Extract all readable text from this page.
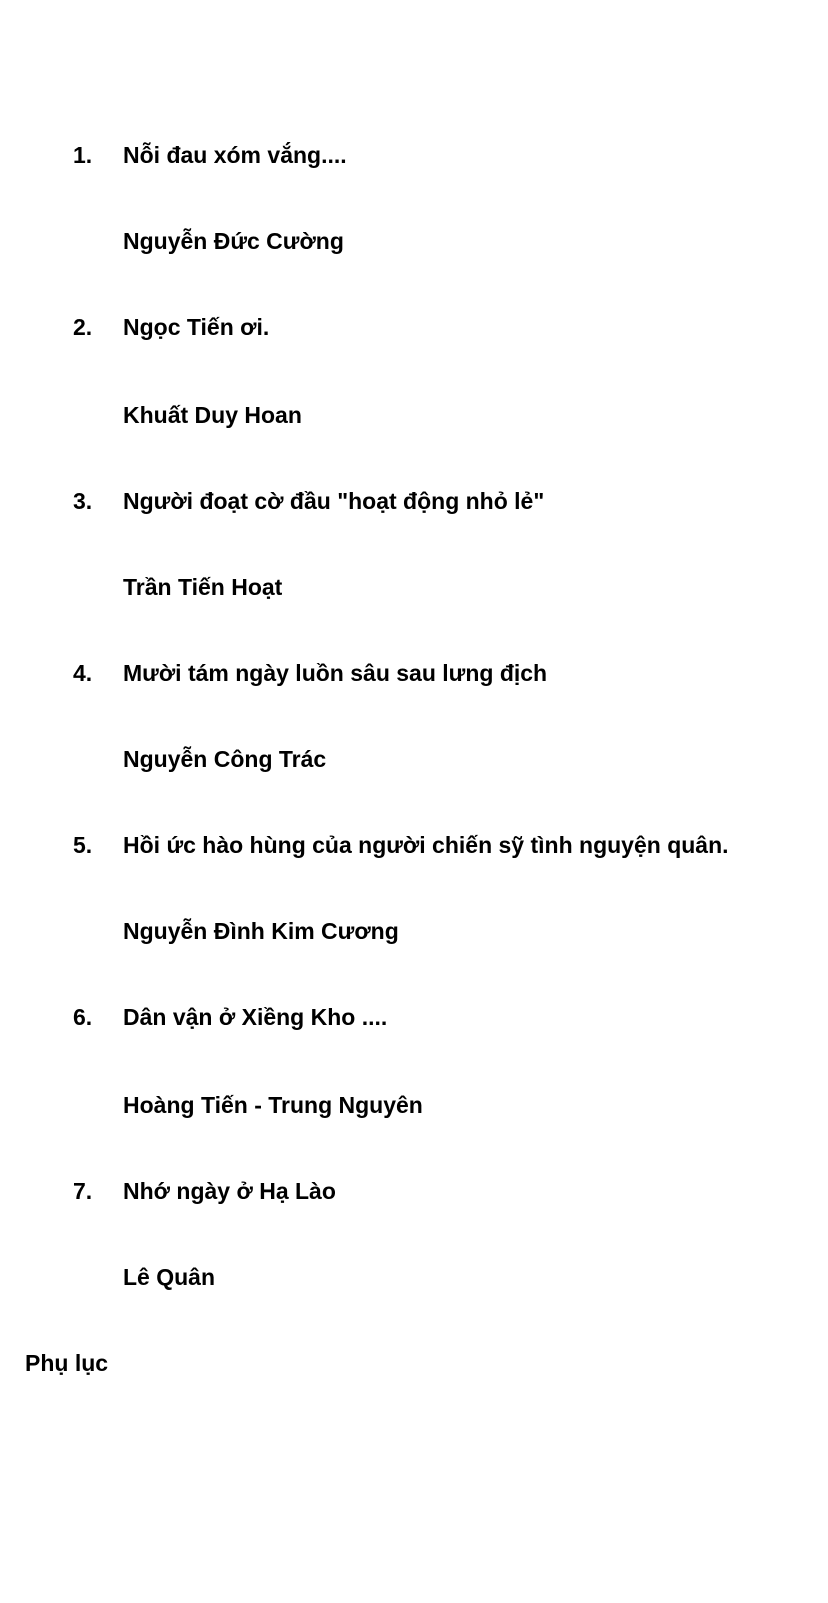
1. Nỗi đau xóm vắng....
Nguyễn Đức Cường
2. Ngọc Tiến ơi.
Khuất Duy Hoan
3. Người đoạt cờ đầu "hoạt động nhỏ lẻ"
Trần Tiến Hoạt
4. Mười tám ngày luồn sâu sau lưng địch
Nguyễn Công Trác
5. Hồi ức hào hùng của người chiến sỹ tình nguyện quân.
Nguyễn Đình Kim Cương
6. Dân vận ở Xiềng Kho ....
Hoàng Tiến - Trung Nguyên
7. Nhớ ngày ở Hạ Lào
Lê Quân
Phụ lục
